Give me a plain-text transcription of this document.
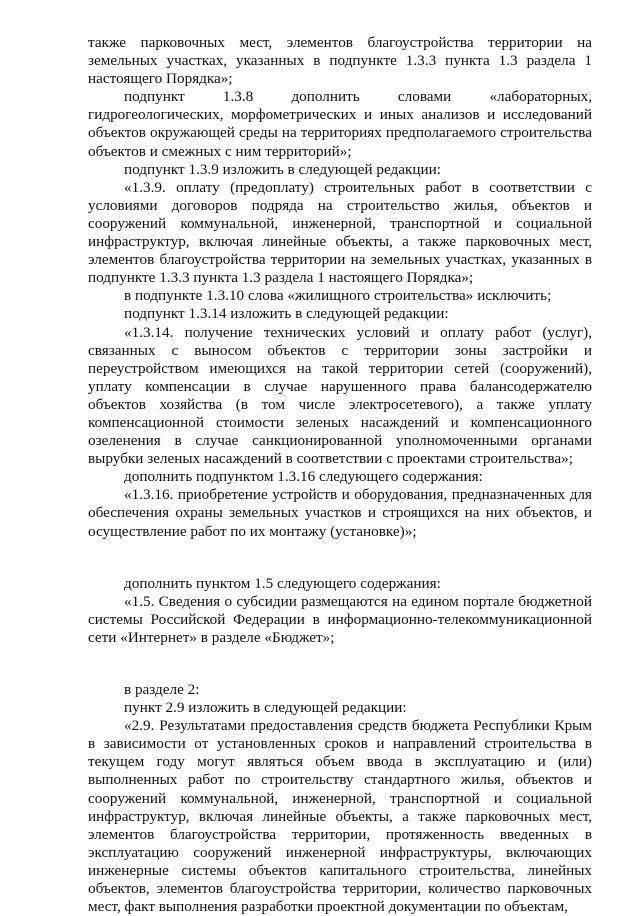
также парковочных мест, элементов благоустройства территории на земельных участках, указанных в подпункте 1.3.3 пункта 1.3 раздела 1 настоящего Порядка»;

подпункт 1.3.8 дополнить словами «лабораторных, гидрогеологических, морфометрических и иных анализов и исследований объектов окружающей среды на территориях предполагаемого строительства объектов и смежных с ним территорий»;

подпункт 1.3.9 изложить в следующей редакции:

«1.3.9. оплату (предоплату) строительных работ в соответствии с условиями договоров подряда на строительство жилья, объектов и сооружений коммунальной, инженерной, транспортной и социальной инфраструктур, включая линейные объекты, а также парковочных мест, элементов благоустройства территории на земельных участках, указанных в подпункте 1.3.3 пункта 1.3 раздела 1 настоящего Порядка»;

в подпункте 1.3.10 слова «жилищного строительства» исключить;

подпункт 1.3.14 изложить в следующей редакции:

«1.3.14. получение технических условий и оплату работ (услуг), связанных с выносом объектов с территории зоны застройки и переустройством имеющихся на такой территории сетей (сооружений), уплату компенсации в случае нарушенного права балансодержателю объектов хозяйства (в том числе электросетевого), а также уплату компенсационной стоимости зеленых насаждений и компенсационного озеленения в случае санкционированной уполномоченными органами вырубки зеленых насаждений в соответствии с проектами строительства»;

дополнить подпунктом 1.3.16 следующего содержания:

«1.3.16. приобретение устройств и оборудования, предназначенных для обеспечения охраны земельных участков и строящихся на них объектов, и осуществление работ по их монтажу (установке)»;

дополнить пунктом 1.5 следующего содержания:

«1.5. Сведения о субсидии размещаются на едином портале бюджетной системы Российской Федерации в информационно-телекоммуникационной сети «Интернет» в разделе «Бюджет»;

в разделе 2:

пункт 2.9 изложить в следующей редакции:

«2.9. Результатами предоставления средств бюджета Республики Крым в зависимости от установленных сроков и направлений строительства в текущем году могут являться объем ввода в эксплуатацию и (или) выполненных работ по строительству стандартного жилья, объектов и сооружений коммунальной, инженерной, транспортной и социальной инфраструктур, включая линейные объекты, а также парковочных мест, элементов благоустройства территории, протяженность введенных в эксплуатацию сооружений инженерной инфраструктуры, включающих инженерные системы объектов капитального строительства, линейных объектов, элементов благоустройства территории, количество парковочных мест, факт выполнения разработки проектной документации по объектам,
